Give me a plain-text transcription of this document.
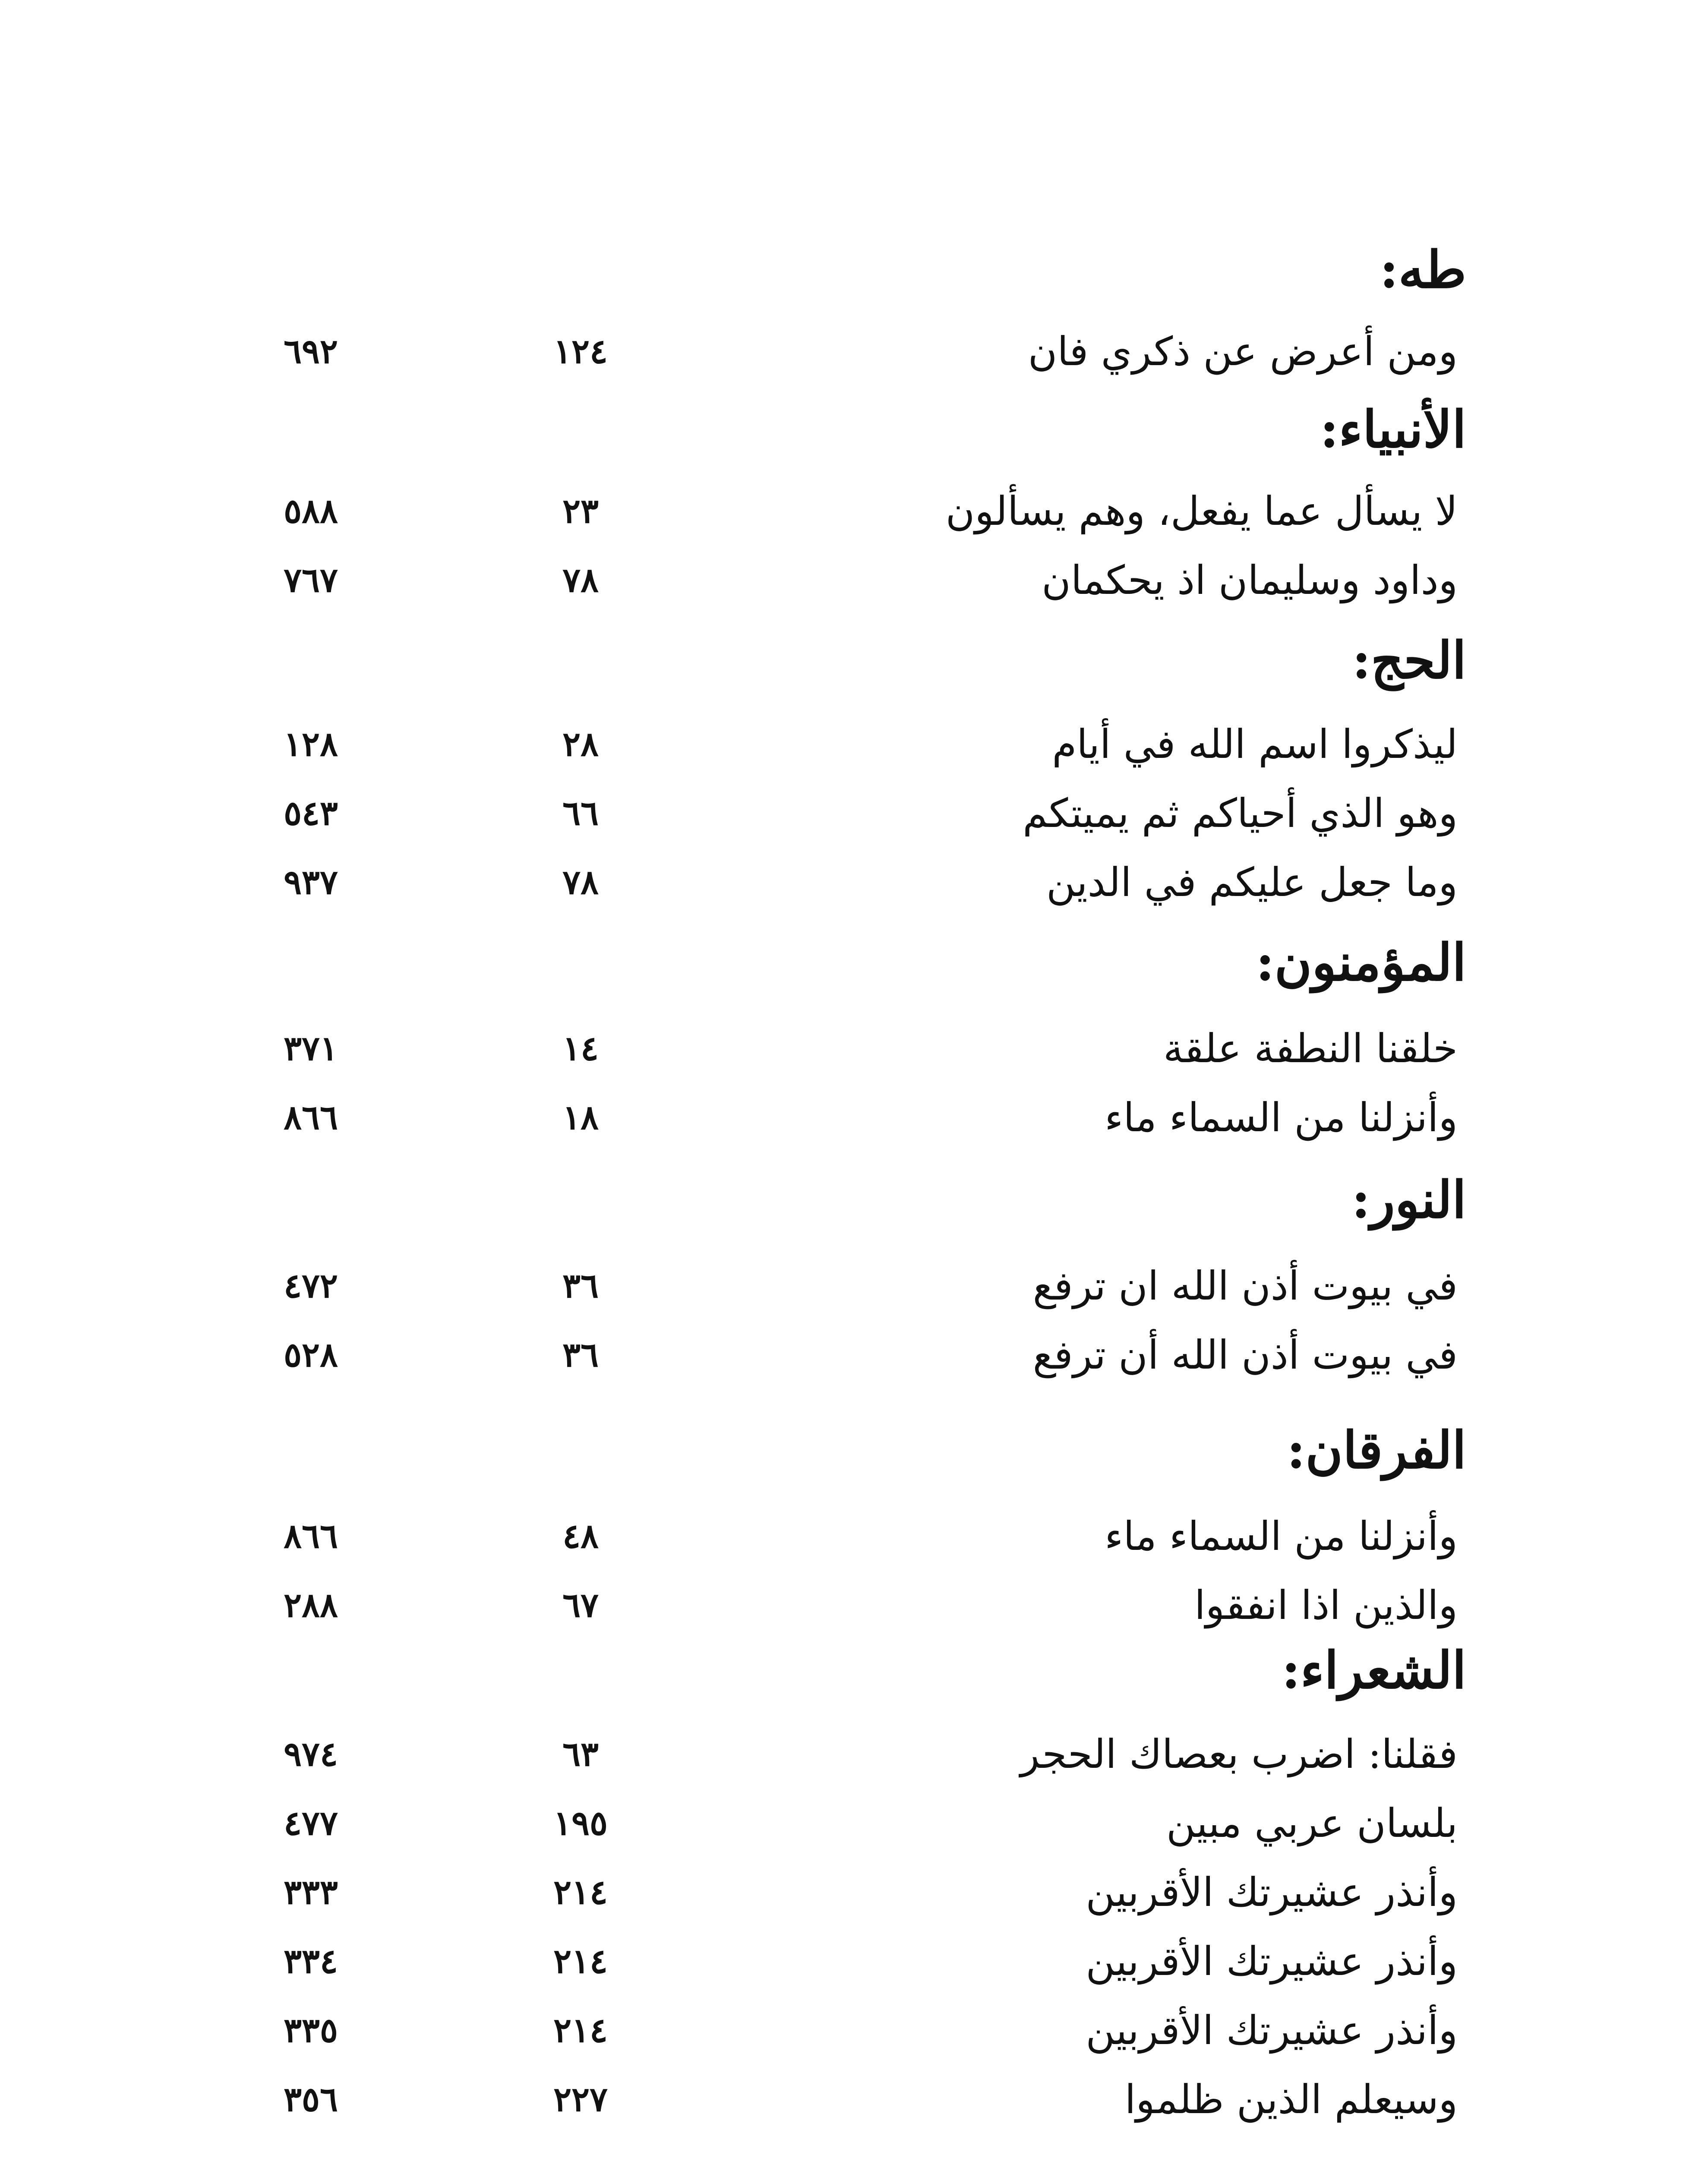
طه:
ومن أعرض عن ذكري فان
١٢٤
٦٩٢
الأنبياء:
لا يسأل عما يفعل، وهم يسألون
٢٣
٥٨٨
وداود وسليمان اذ يحكمان
٧٨
٧٦٧
الحج:
ليذكروا اسم الله في أيام
٢٨
١٢٨
وهو الذي أحياكم ثم يميتكم
٦٦
٥٤٣
وما جعل عليكم في الدين
٧٨
٩٣٧
المؤمنون:
خلقنا النطفة علقة
١٤
٣٧١
وأنزلنا من السماء ماء
١٨
٨٦٦
النور:
في بيوت أذن الله ان ترفع
٣٦
٤٧٢
في بيوت أذن الله أن ترفع
٣٦
٥٢٨
الفرقان:
وأنزلنا من السماء ماء
٤٨
٨٦٦
والذين اذا انفقوا
٦٧
٢٨٨
الشعراء:
فقلنا: اضرب بعصاك الحجر
٦٣
٩٧٤
بلسان عربي مبين
١٩٥
٤٧٧
وأنذر عشيرتك الأقربين
٢١٤
٣٣٣
وأنذر عشيرتك الأقربين
٢١٤
٣٣٤
وأنذر عشيرتك الأقربين
٢١٤
٣٣٥
وسيعلم الذين ظلموا
٢٢٧
٣٥٦
